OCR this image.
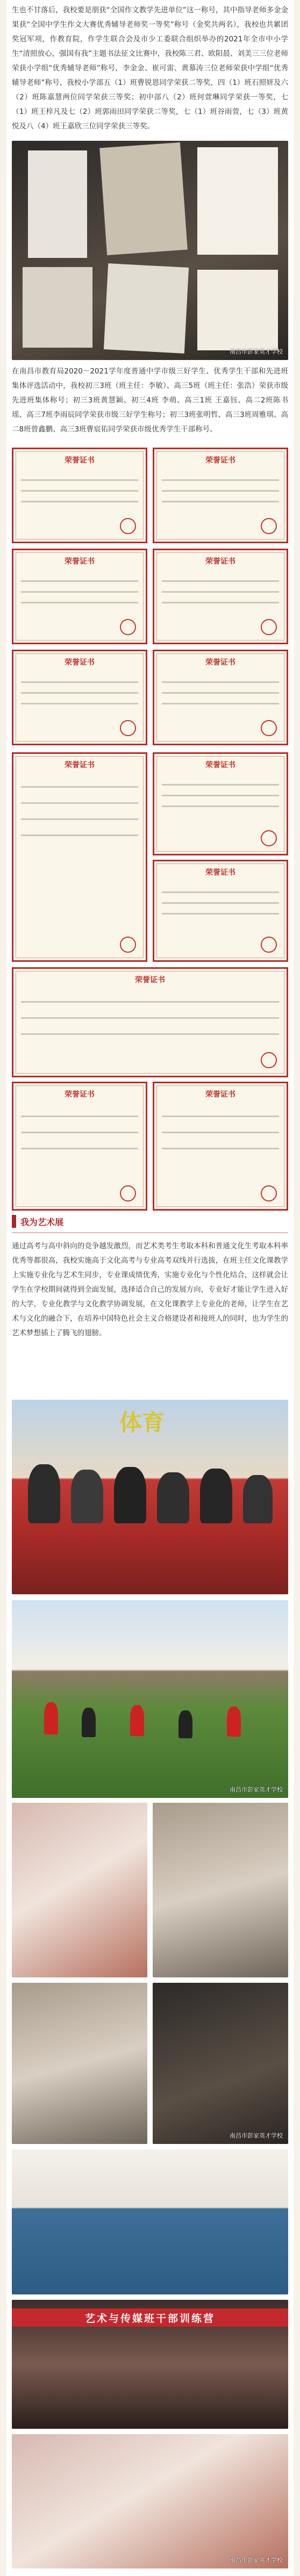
生也不甘落后，我校要是朋获“全国作文教学先进单位”这一称号，其中指导老师多金金果获“全国中学生作文大赛优秀辅导老师奖一等奖”称号（金奖共两名），我校也共累团奖冠军项，作教育院，作学生联合会及市少工委联合组织举办的2021年全市中小学生“清照放心，强国有我”主题书法征文比赛中，我校陈三君、欧阳晨、刘美三三位老师荣获小学组“优秀辅导老师”称号，李金金、崔可雷、黄慕涛三位老师荣获中学组“优秀辅导老师”称号，我校小学部五（1）班曹锐恩同学荣获二等奖，四（1）班石照妍及六（2）班陈嘉慧两位同学荣获三等奖；初中部八（2）班何萱琳同学荣获一等奖，七（1）班王梓凡及七（2）班郭雨田同学荣获二等奖，七（1）班谷雨萱，七（3）班黄悦及八（4）班王嘉欣三位同学荣获三等奖。

南昌市彭家英才学校

在南昌市教育局2020－2021学年度普通中学市级三好学生、优秀学生干部和先进班集体评选活动中，我校初三3班（班主任：李敏）、高三5班（班主任：张浩）荣获市级先进班集体称号；初三3班黄慧颖、初三4班 李萌、高三1班 王嘉钰、高二2班陈书瑶、高三7班李雨辰同学荣获市级三好学生称号；初三3班张明哲、高三3班周雅琪、高二8班曾鑫鹏、高三3班曹宸佑同学荣获市级优秀学生干部称号。

荣誉证书	荣誉证书
荣誉证书	荣誉证书
荣誉证书	荣誉证书
荣誉证书	荣誉证书
荣誉证书
荣誉证书
荣誉证书	荣誉证书
我为艺术展

通过高考与高中斜向的竞争越发激烈，而艺术类考生考取本科和普通文化生考取本科率优秀等都很高，我校实施高于文化高考与专业高考双线并行选拔，在班主任文化课教学上实施专业化与艺术生同步，专业课成绩优秀，实施专业化与个性化结合，这样就会让学生在学校期间就得到全面发展，选择适合自己的发展方向，专业好才能让学生进入好的大学，专业化教学与文化教学协调发展，在文化课教学上专业化的老师，让学生在艺术与文化的融合下，在培养中国特色社会主义合格建设者和接班人的同时，也为学生的艺术梦想插上了腾飞的翅膀。

体育
南昌市彭家英才学校
南昌市彭家英才学校
艺术与传媒班干部训练营
南昌市彭家英才学校
